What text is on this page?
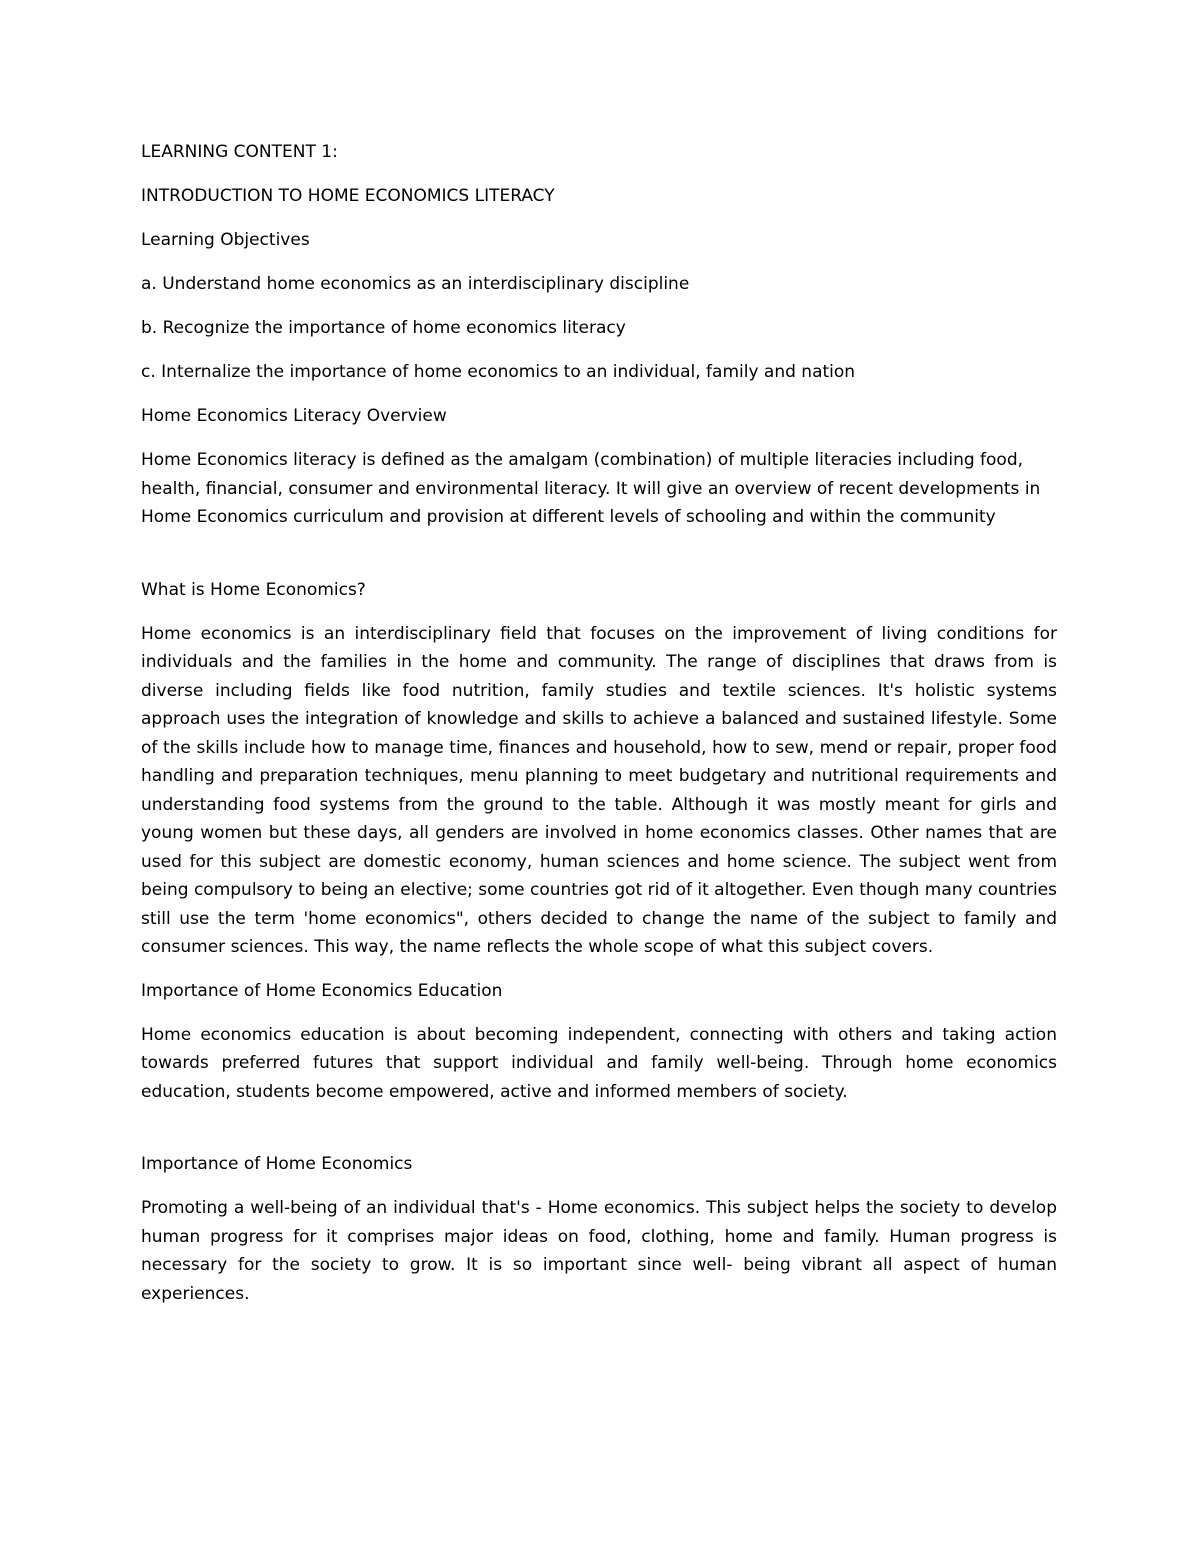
LEARNING CONTENT 1:

INTRODUCTION TO HOME ECONOMICS LITERACY

Learning Objectives

a. Understand home economics as an interdisciplinary discipline

b. Recognize the importance of home economics literacy

c. Internalize the importance of home economics to an individual, family and nation

Home Economics Literacy Overview

Home Economics literacy is defined as the amalgam (combination) of multiple literacies including food, health, financial, consumer and environmental literacy. It will give an overview of recent developments in Home Economics curriculum and provision at different levels of schooling and within the community

What is Home Economics?

Home economics is an interdisciplinary field that focuses on the improvement of living conditions for individuals and the families in the home and community. The range of disciplines that draws from is diverse including fields like food nutrition, family studies and textile sciences. It's holistic systems approach uses the integration of knowledge and skills to achieve a balanced and sustained lifestyle. Some of the skills include how to manage time, finances and household, how to sew, mend or repair, proper food handling and preparation techniques, menu planning to meet budgetary and nutritional requirements and understanding food systems from the ground to the table. Although it was mostly meant for girls and young women but these days, all genders are involved in home economics classes. Other names that are used for this subject are domestic economy, human sciences and home science. The subject went from being compulsory to being an elective; some countries got rid of it altogether. Even though many countries still use the term 'home economics", others decided to change the name of the subject to family and consumer sciences. This way, the name reflects the whole scope of what this subject covers.

Importance of Home Economics Education

Home economics education is about becoming independent, connecting with others and taking action towards preferred futures that support individual and family well-being. Through home economics education, students become empowered, active and informed members of society.

Importance of Home Economics

Promoting a well-being of an individual that's - Home economics. This subject helps the society to develop human progress for it comprises major ideas on food, clothing, home and family. Human progress is necessary for the society to grow. It is so important since well- being vibrant all aspect of human experiences.
